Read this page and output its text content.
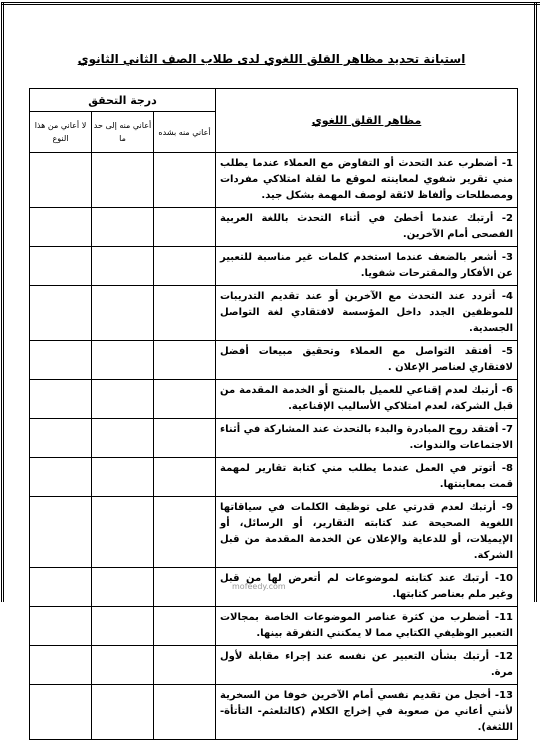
استبانة تحديد مظاهر القلق اللغوي لدى طلاب الصف الثاني الثانوي
مظاهر القلق اللغوي	درجة التحقق		
	أعاني منه بشده	أعاني منه إلى حد ما	لا أعاني من هذا النوع
1- أضطرب عند التحدث أو التفاوض مع العملاء عندما يطلب مني تقرير شفوي لمعاينته لموقع ما لقلة امتلاكي مفردات ومصطلحات وألفاظ لائقة لوصف المهمة بشكل جيد.			
2- أرتبك عندما أخطئ في أثناء التحدث باللغة العربية الفصحى أمام الآخرين.			
3- أشعر بالضعف عندما استخدم كلمات غير مناسبة للتعبير عن الأفكار والمقترحات شفويا.			
4- أتردد عند التحدث مع الآخرين أو عند تقديم التدريبات للموظفين الجدد داخل المؤسسة لافتقادي لغة التواصل الجسدية.			
5- أفتقد التواصل مع العملاء وتحقيق مبيعات أفضل لافتقاري لعناصر الإعلان .			
6- أرتبك لعدم إقناعي للعميل بالمنتج أو الخدمة المقدمة من قبل الشركة، لعدم امتلاكي الأساليب الإقناعية.			
7- أفتقد روح المبادرة والبدء بالتحدث عند المشاركة في أثناء الاجتماعات والندوات.			
8- أتوتر في العمل عندما يطلب مني كتابة تقارير لمهمة قمت بمعاينتها.			
9- أرتبك لعدم قدرتي على توظيف الكلمات في سياقاتها اللغوية الصحيحة عند كتابته التقارير، أو الرسائل، أو الإيميلات، أو للدعاية والإعلان عن الخدمة المقدمة من قبل الشركة.			
10- أرتبك عند كتابته لموضوعات لم أتعرض لها من قبل وغير ملم بعناصر كتابتها.			
11- أضطرب من كثرة عناصر الموضوعات الخاصة بمجالات التعبير الوظيفي الكتابي مما لا يمكنني التفرقة بينها.			
12- أرتبك بشأن التعبير عن نفسه عند إجراء مقابلة لأول مرة.			
13- أخجل من تقديم نفسي أمام الآخرين خوفا من السخرية لأنني أعاني من صعوبة في إخراج الكلام (كالتلعثم- التأتأة- اللثغة).			
mofeedy.com
